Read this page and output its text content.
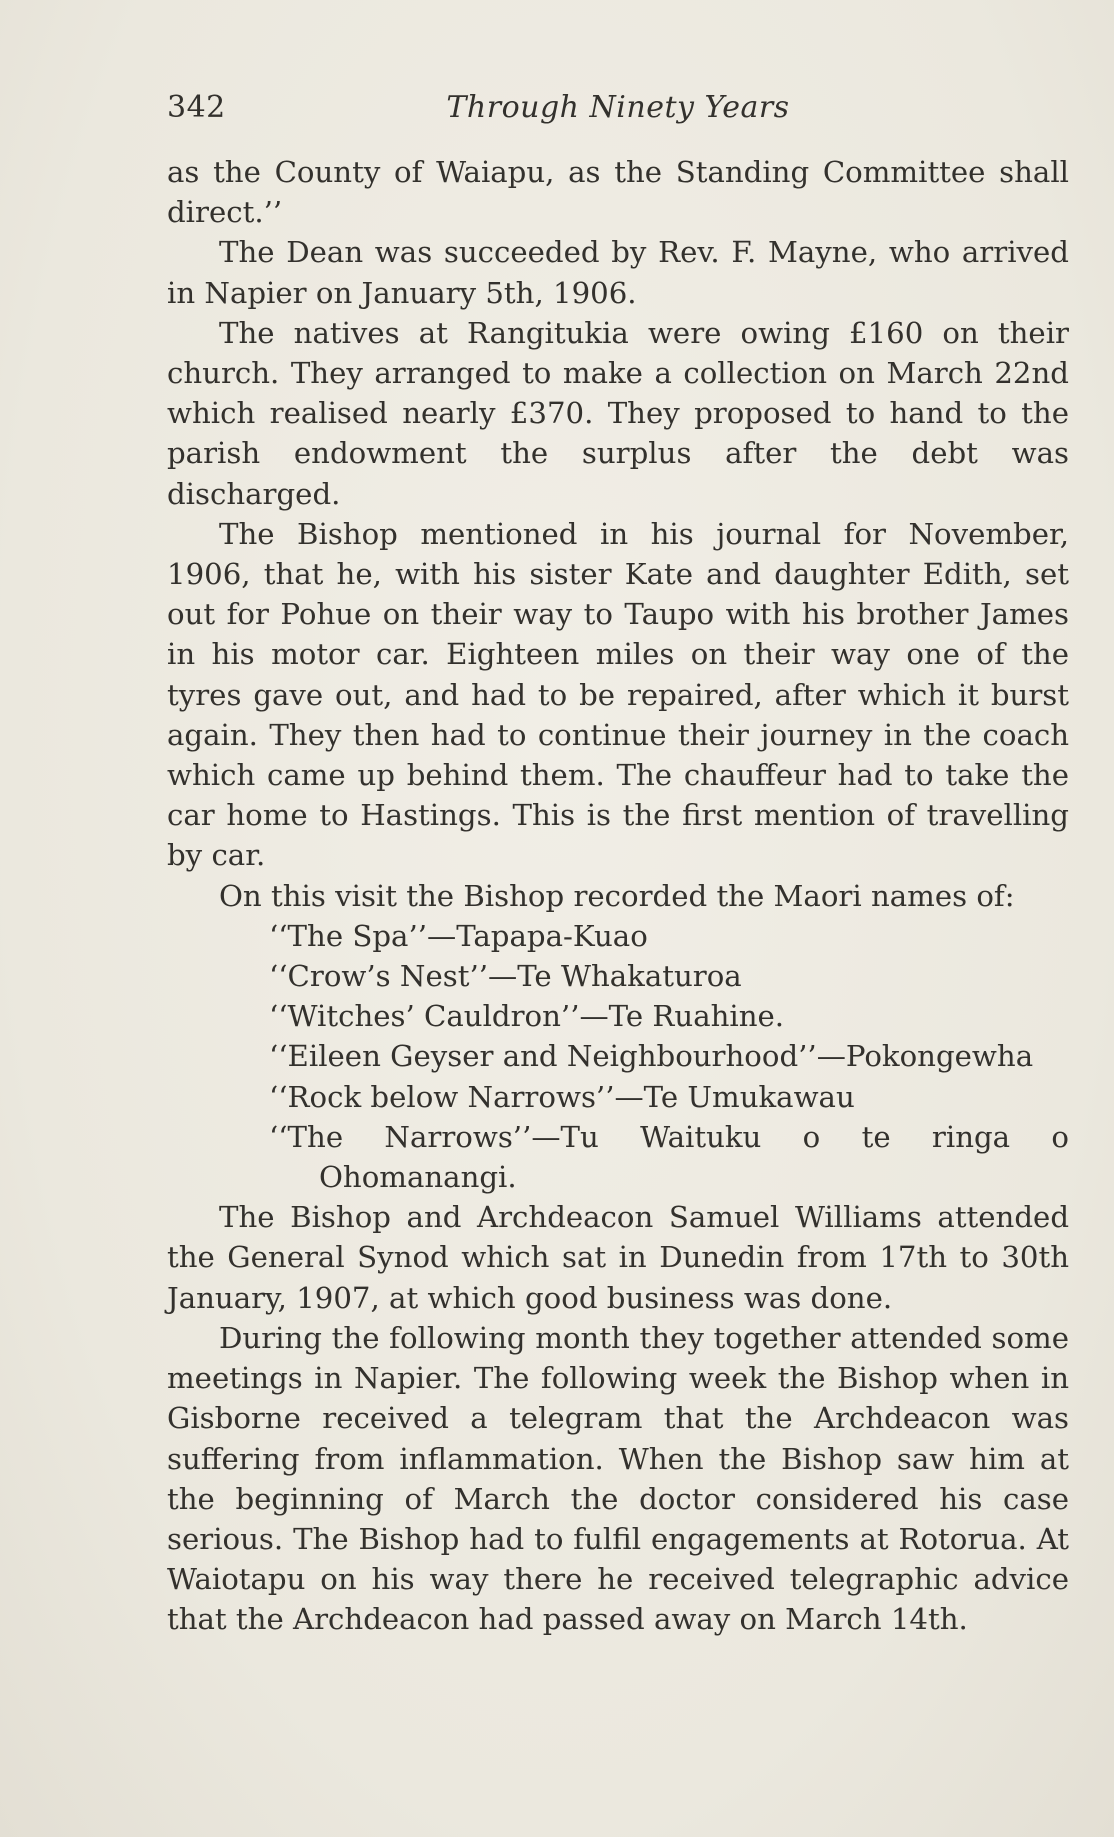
342	Through Ninety Years

as the County of Waiapu, as the Standing Committee shall direct.’’

The Dean was succeeded by Rev. F. Mayne, who arrived in Napier on January 5th, 1906.

The natives at Rangitukia were owing £160 on their church. They arranged to make a collection on March 22nd which realised nearly £370. They proposed to hand to the parish endowment the surplus after the debt was discharged.

The Bishop mentioned in his journal for November, 1906, that he, with his sister Kate and daughter Edith, set out for Pohue on their way to Taupo with his brother James in his motor car. Eighteen miles on their way one of the tyres gave out, and had to be repaired, after which it burst again. They then had to continue their journey in the coach which came up behind them. The chauffeur had to take the car home to Hastings. This is the first mention of travelling by car.

On this visit the Bishop recorded the Maori names of:

‘‘The Spa’’—Tapapa-Kuao
‘‘Crow’s Nest’’—Te Whakaturoa
‘‘Witches’ Cauldron’’—Te Ruahine.
‘‘Eileen Geyser and Neighbourhood’’—Pokongewha
‘‘Rock below Narrows’’—Te Umukawau
‘‘The Narrows’’—Tu Waituku o te ringa o Ohomanangi.

The Bishop and Archdeacon Samuel Williams attended the General Synod which sat in Dunedin from 17th to 30th January, 1907, at which good business was done.

During the following month they together attended some meetings in Napier. The following week the Bishop when in Gisborne received a telegram that the Archdeacon was suffering from inflammation. When the Bishop saw him at the beginning of March the doctor considered his case serious. The Bishop had to fulfil engagements at Rotorua. At Waiotapu on his way there he received telegraphic advice that the Archdeacon had passed away on March 14th.
